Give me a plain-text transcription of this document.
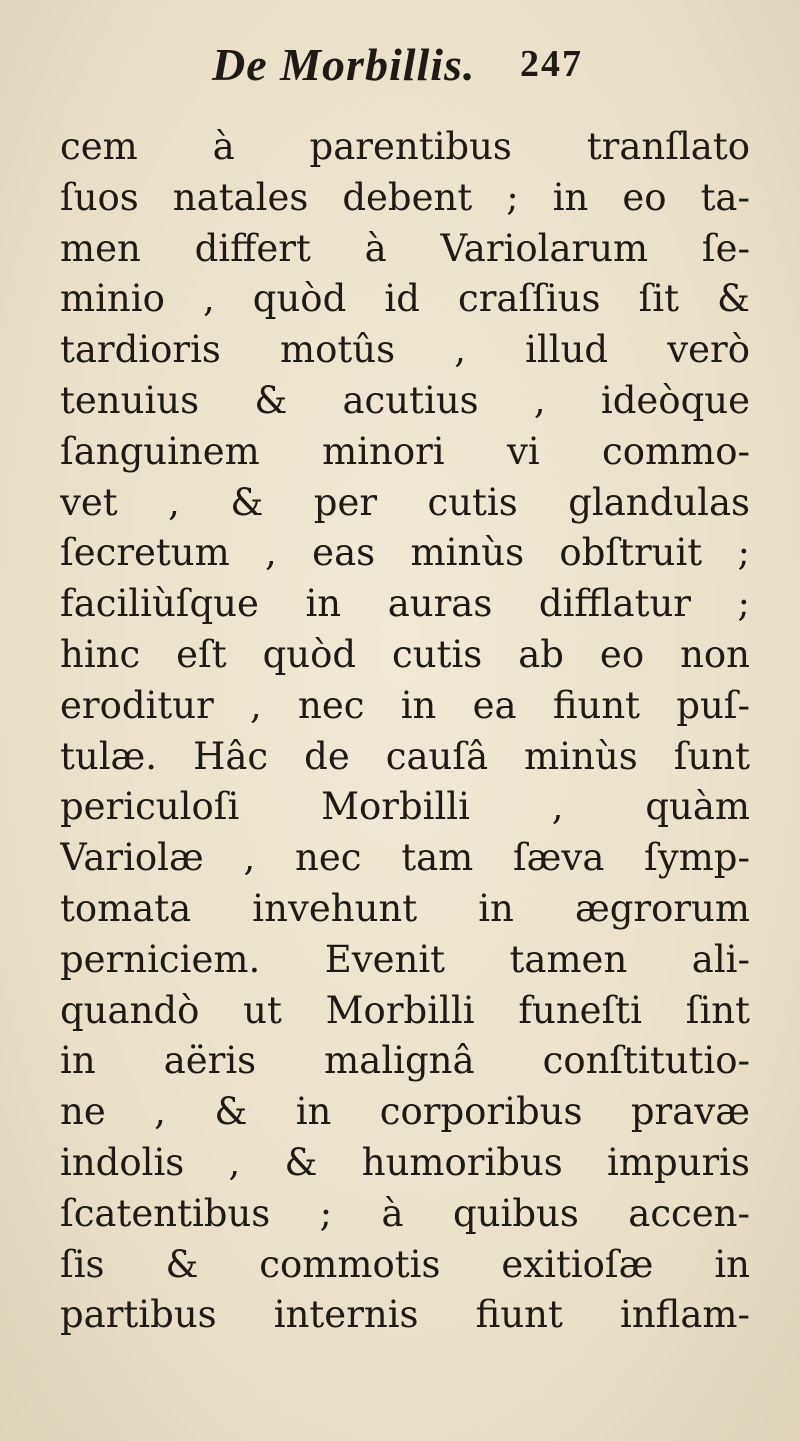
De Morbillis. 247
cem à parentibus tranſlato
ſuos natales debent ; in eo ta-
men differt à Variolarum ſe-
minio , quòd id craſſius ſit &
tardioris motûs , illud verò
tenuius & acutius , ideòque
ſanguinem minori vi commo-
vet , & per cutis glandulas
ſecretum , eas minùs obſtruit ;
faciliùſque in auras difflatur ;
hinc eſt quòd cutis ab eo non
eroditur , nec in ea fiunt puſ-
tulæ. Hâc de cauſâ minùs ſunt
periculoſi Morbilli , quàm
Variolæ , nec tam ſæva ſymp-
tomata invehunt in ægrorum
perniciem. Evenit tamen ali-
quandò ut Morbilli funeſti ſint
in aëris malignâ conſtitutio-
ne , & in corporibus pravæ
indolis , & humoribus impuris
ſcatentibus ; à quibus accen-
ſis & commotis exitioſæ in
partibus internis fiunt inflam-
